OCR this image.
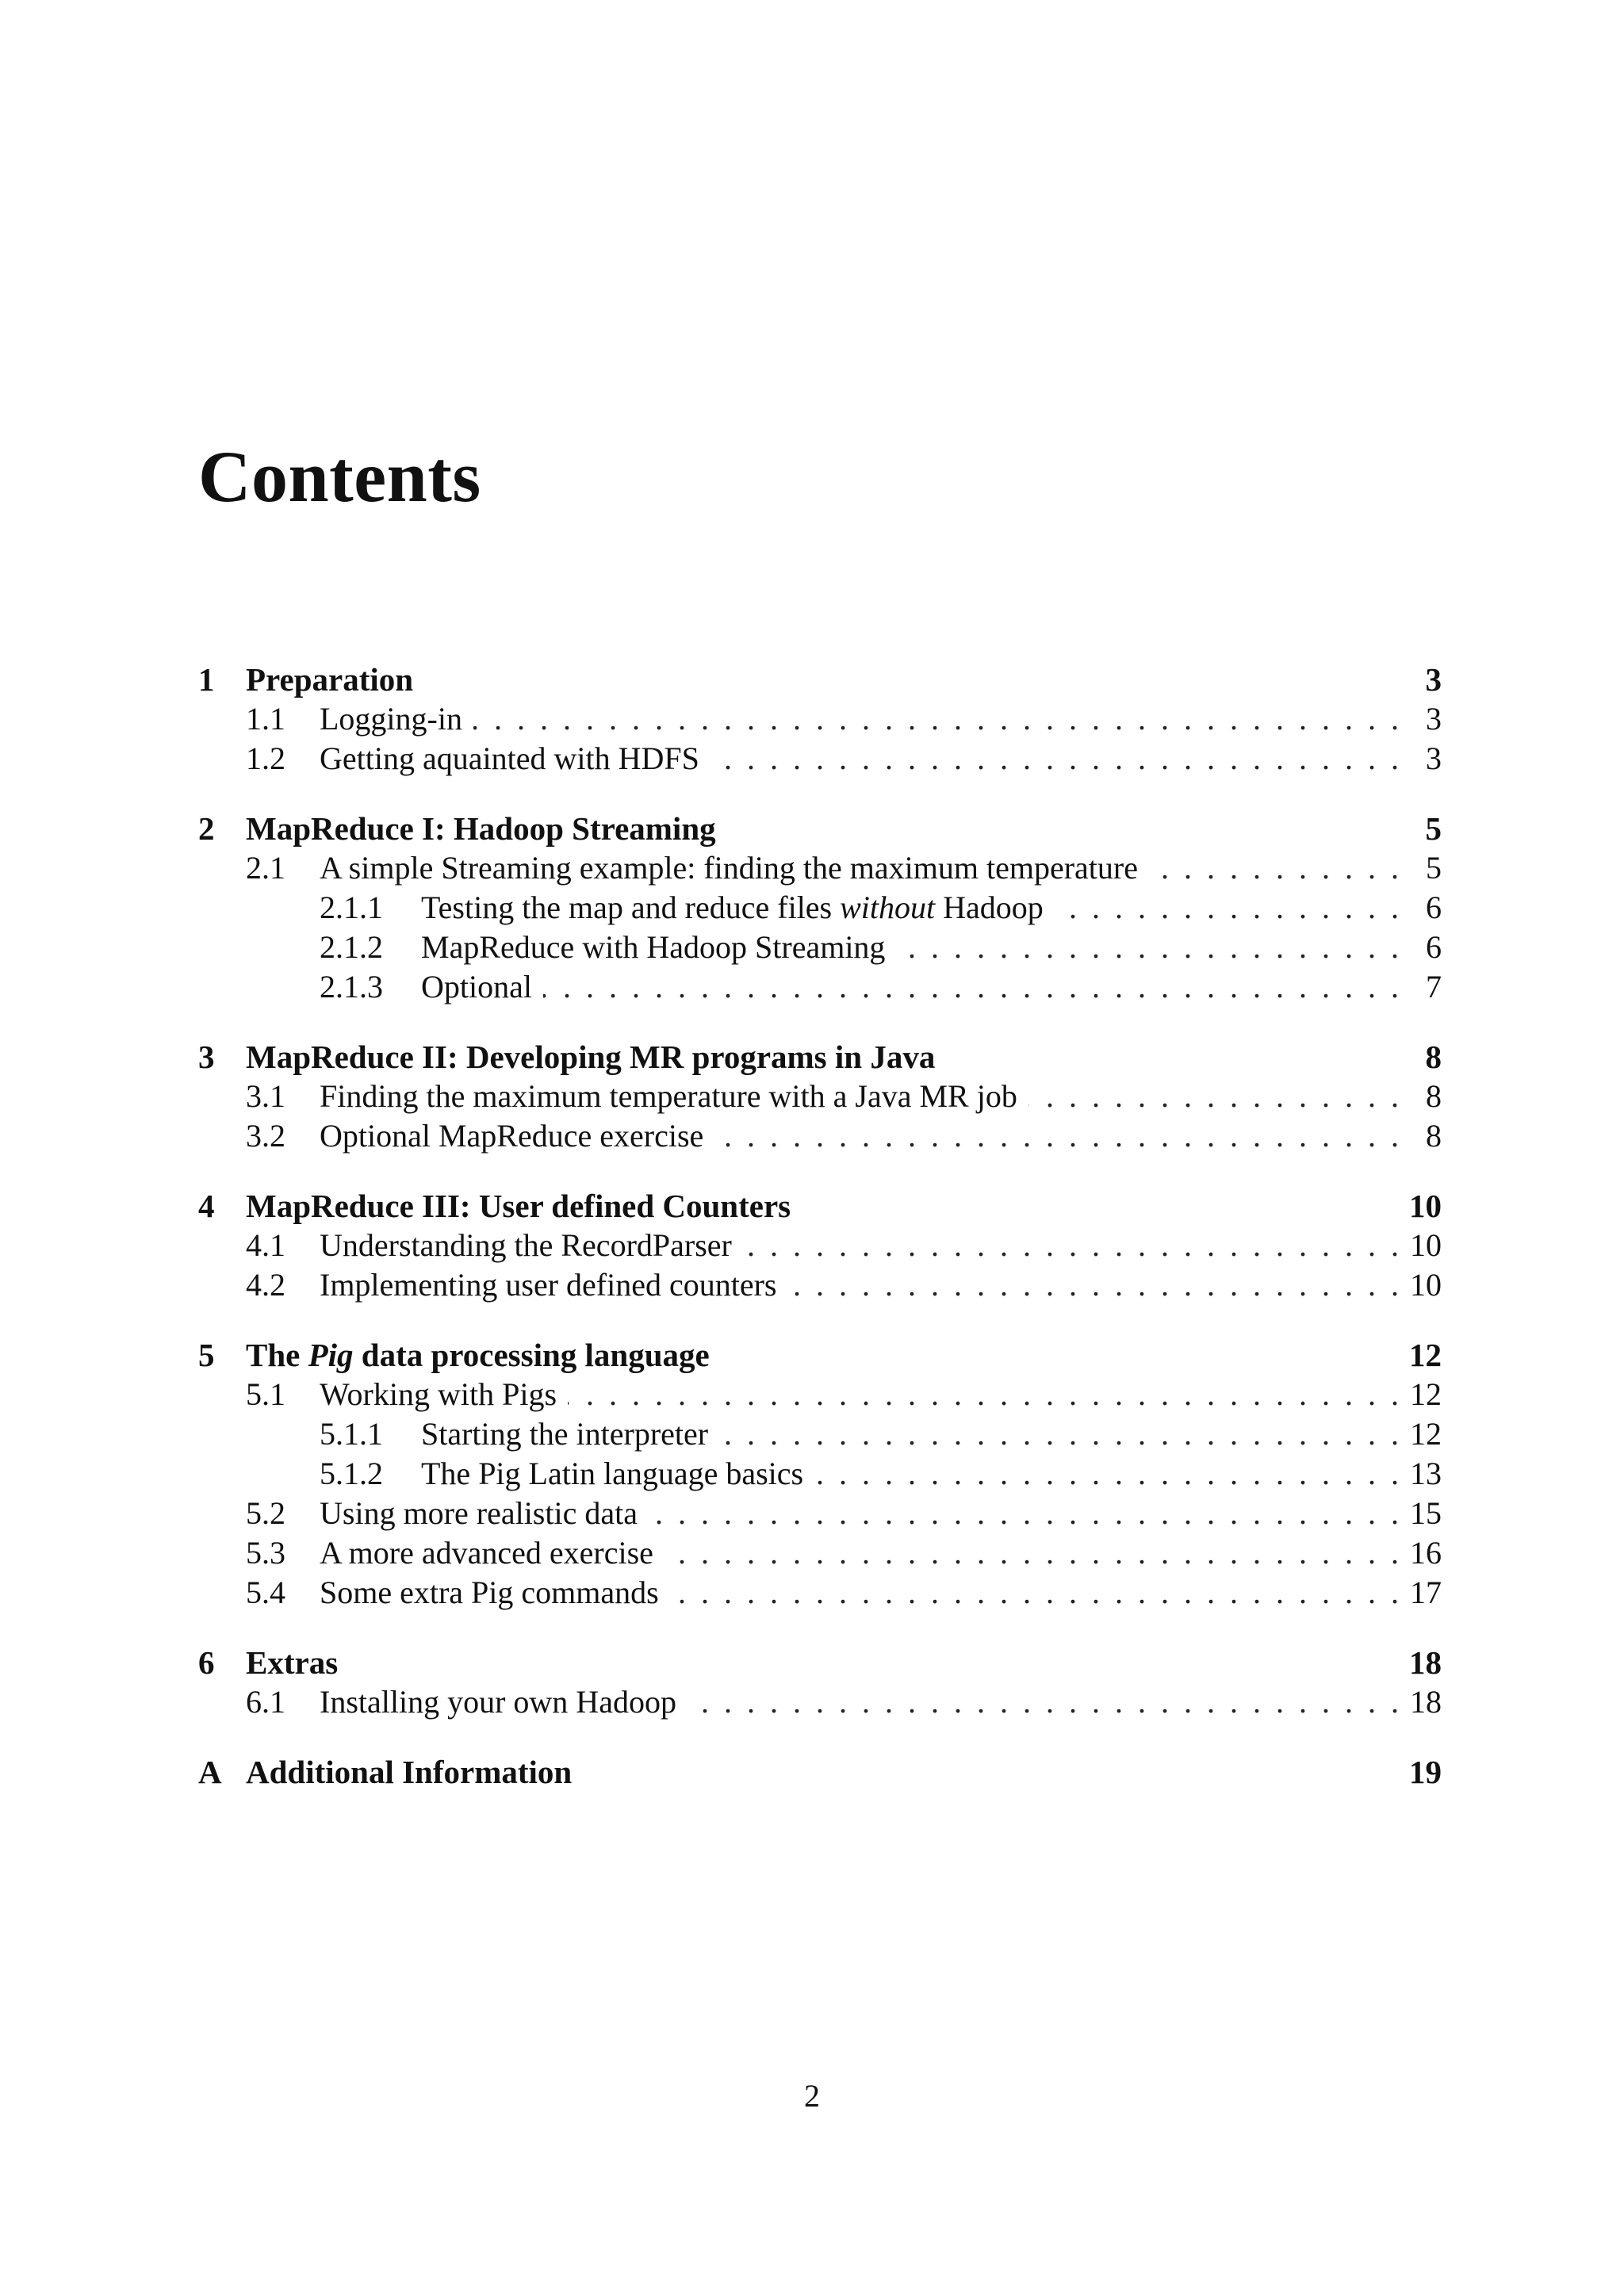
Contents
1 Preparation	3
1.1	Logging-in . . .	3
1.2	Getting aquainted with HDFS . . .	3
2 MapReduce I: Hadoop Streaming	5
2.1	A simple Streaming example: finding the maximum temperature . . .	5
2.1.1	Testing the map and reduce files without Hadoop . . .	6
2.1.2	MapReduce with Hadoop Streaming . . .	6
2.1.3	Optional . . .	7
3 MapReduce II: Developing MR programs in Java	8
3.1	Finding the maximum temperature with a Java MR job . . .	8
3.2	Optional MapReduce exercise . . .	8
4 MapReduce III: User defined Counters	10
4.1	Understanding the RecordParser . . .	10
4.2	Implementing user defined counters . . .	10
5 The Pig data processing language	12
5.1	Working with Pigs . . .	12
5.1.1	Starting the interpreter . . .	12
5.1.2	The Pig Latin language basics . . .	13
5.2	Using more realistic data . . .	15
5.3	A more advanced exercise . . .	16
5.4	Some extra Pig commands . . .	17
6 Extras	18
6.1	Installing your own Hadoop . . .	18
A Additional Information	19
2
